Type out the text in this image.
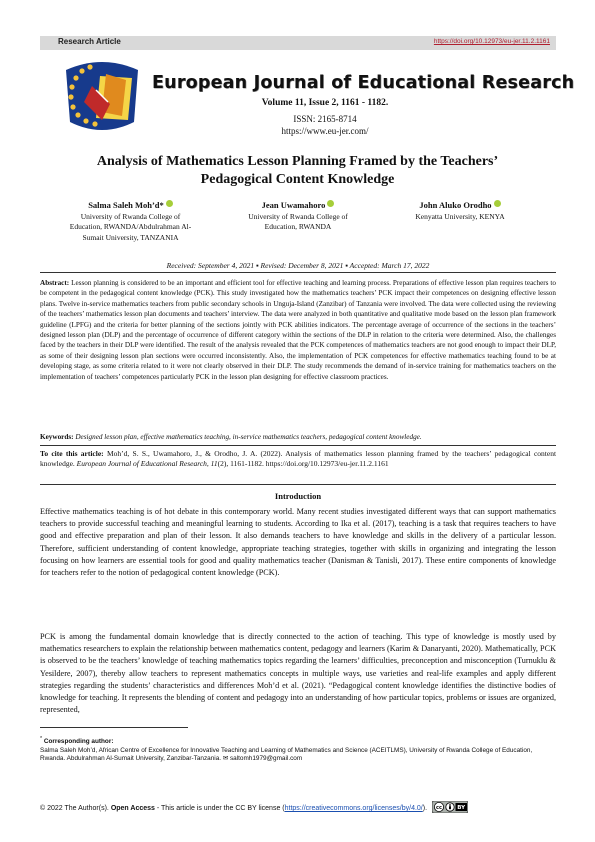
Research Article	https://doi.org/10.12973/eu-jer.11.2.1161
European Journal of Educational Research
Volume 11, Issue 2, 1161 - 1182.
ISSN: 2165-8714
https://www.eu-jer.com/
Analysis of Mathematics Lesson Planning Framed by the Teachers’
Pedagogical Content Knowledge
Salma Saleh Moh’d*
University of Rwanda College of
Education, RWANDA/Abdulrahman Al-
Sumait University, TANZANIA
Jean Uwamahoro
University of Rwanda College of
Education, RWANDA
John Aluko Orodho
Kenyatta University, KENYA
Received: September 4, 2021 ▪ Revised: December 8, 2021 ▪ Accepted: March 17, 2022
Abstract: Lesson planning is considered to be an important and efficient tool for effective teaching and learning process. Preparations of effective lesson plan requires teachers to be competent in the pedagogical content knowledge (PCK). This study investigated how the mathematics teachers’ PCK impact their competences on designing effective lesson plans. Twelve in-service mathematics teachers from public secondary schools in Unguja-Island (Zanzibar) of Tanzania were involved. The data were collected using the reviewing of the teachers’ mathematics lesson plan documents and teachers’ interview. The data were analyzed in both quantitative and qualitative mode based on the lesson plan framework guideline (LPFG) and the criteria for better planning of the sections jointly with PCK abilities indicators. The percentage average of occurrence of the sections in the teachers’ designed lesson plan (DLP) and the percentage of occurrence of different category within the sections of the DLP in relation to the criteria were determined. Also, the challenges faced by the teachers in their DLP were identified. The result of the analysis revealed that the PCK competences of mathematics teachers are not good enough to impact their DLP, as some of their designing lesson plan sections were occurred inconsistently. Also, the implementation of PCK competences for effective mathematics teaching found to be at developing stage, as some criteria related to it were not clearly observed in their DLP. The study recommends the demand of in-service training for mathematics teachers on the implementation of teachers’ competences particularly PCK in the lesson plan designing for effective classroom practices.
Keywords: Designed lesson plan, effective mathematics teaching, in-service mathematics teachers, pedagogical content knowledge.
To cite this article: Moh’d, S. S., Uwamahoro, J., & Orodho, J. A. (2022). Analysis of mathematics lesson planning framed by the teachers’ pedagogical content knowledge. European Journal of Educational Research, 11(2), 1161-1182. https://doi.org/10.12973/eu-jer.11.2.1161
Introduction
Effective mathematics teaching is of hot debate in this contemporary world. Many recent studies investigated different ways that can support mathematics teachers to provide successful teaching and meaningful learning to students. According to Ika et al. (2017), teaching is a task that requires teachers to have good and effective preparation and plan of their lesson. It also demands teachers to have knowledge and skills in the delivery of a particular lesson. Therefore, sufficient understanding of content knowledge, appropriate teaching strategies, together with skills in organizing and integrating the lesson focusing on how learners are essential tools for good and quality mathematics teacher (Danisman & Tanisli, 2017). These entire components of knowledge for teachers refer to the notion of pedagogical content knowledge (PCK).
PCK is among the fundamental domain knowledge that is directly connected to the action of teaching. This type of knowledge is mostly used by mathematics researchers to explain the relationship between mathematics content, pedagogy and learners (Karim & Danaryanti, 2020). Mathematically, PCK is observed to be the teachers’ knowledge of teaching mathematics topics regarding the learners’ difficulties, preconception and misconception (Turnuklu & Yesildere, 2007), thereby allow teachers to represent mathematics concepts in multiple ways, use varieties and real-life examples and apply different strategies regarding the students’ characteristics and differences Moh’d et al. (2021). “Pedagogical content knowledge identifies the distinctive bodies of knowledge for teaching. It represents the blending of content and pedagogy into an understanding of how particular topics, problems or issues are organized, represented,
* Corresponding author:
Salma Saleh Moh’d, African Centre of Excellence for Innovative Teaching and Learning of Mathematics and Science (ACEITLMS), University of Rwanda College of Education, Rwanda. Abdulrahman Al-Sumait University, Zanzibar-Tanzania. ✉ saltomh1979@gmail.com
© 2022 The Author(s). Open Access - This article is under the CC BY license (https://creativecommons.org/licenses/by/4.0/). cc	BY
